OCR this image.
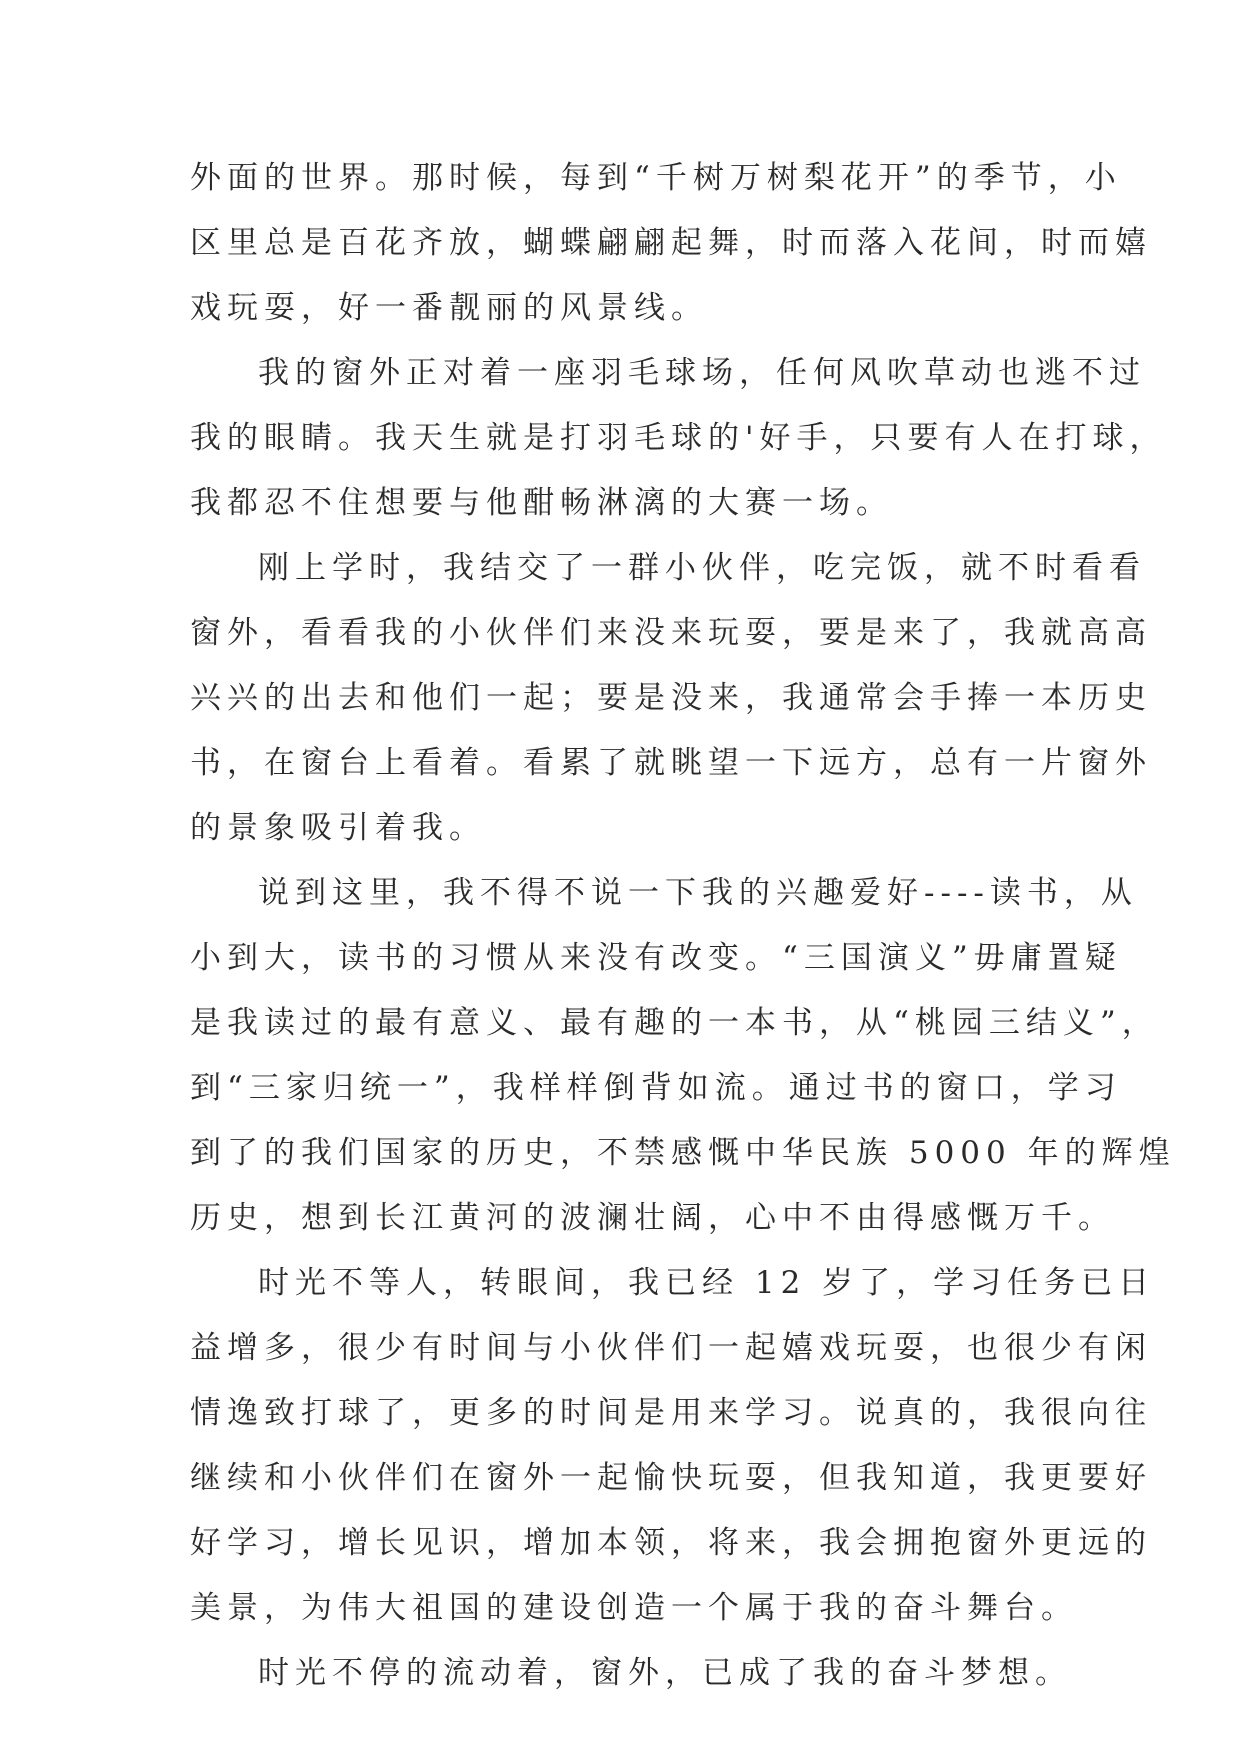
外面的世界。那时候，每到“千树万树梨花开”的季节，小
区里总是百花齐放，蝴蝶翩翩起舞，时而落入花间，时而嬉
戏玩耍，好一番靓丽的风景线。
我的窗外正对着一座羽毛球场，任何风吹草动也逃不过
我的眼睛。我天生就是打羽毛球的'好手，只要有人在打球，
我都忍不住想要与他酣畅淋漓的大赛一场。
刚上学时，我结交了一群小伙伴，吃完饭，就不时看看
窗外，看看我的小伙伴们来没来玩耍，要是来了，我就高高
兴兴的出去和他们一起；要是没来，我通常会手捧一本历史
书，在窗台上看着。看累了就眺望一下远方，总有一片窗外
的景象吸引着我。
说到这里，我不得不说一下我的兴趣爱好----读书，从
小到大，读书的习惯从来没有改变。“三国演义”毋庸置疑
是我读过的最有意义、最有趣的一本书，从“桃园三结义”，
到“三家归统一”，我样样倒背如流。通过书的窗口，学习
到了的我们国家的历史，不禁感慨中华民族 5000 年的辉煌
历史，想到长江黄河的波澜壮阔，心中不由得感慨万千。
时光不等人，转眼间，我已经 12 岁了，学习任务已日
益增多，很少有时间与小伙伴们一起嬉戏玩耍，也很少有闲
情逸致打球了，更多的时间是用来学习。说真的，我很向往
继续和小伙伴们在窗外一起愉快玩耍，但我知道，我更要好
好学习，增长见识，增加本领，将来，我会拥抱窗外更远的
美景，为伟大祖国的建设创造一个属于我的奋斗舞台。
时光不停的流动着，窗外，已成了我的奋斗梦想。
